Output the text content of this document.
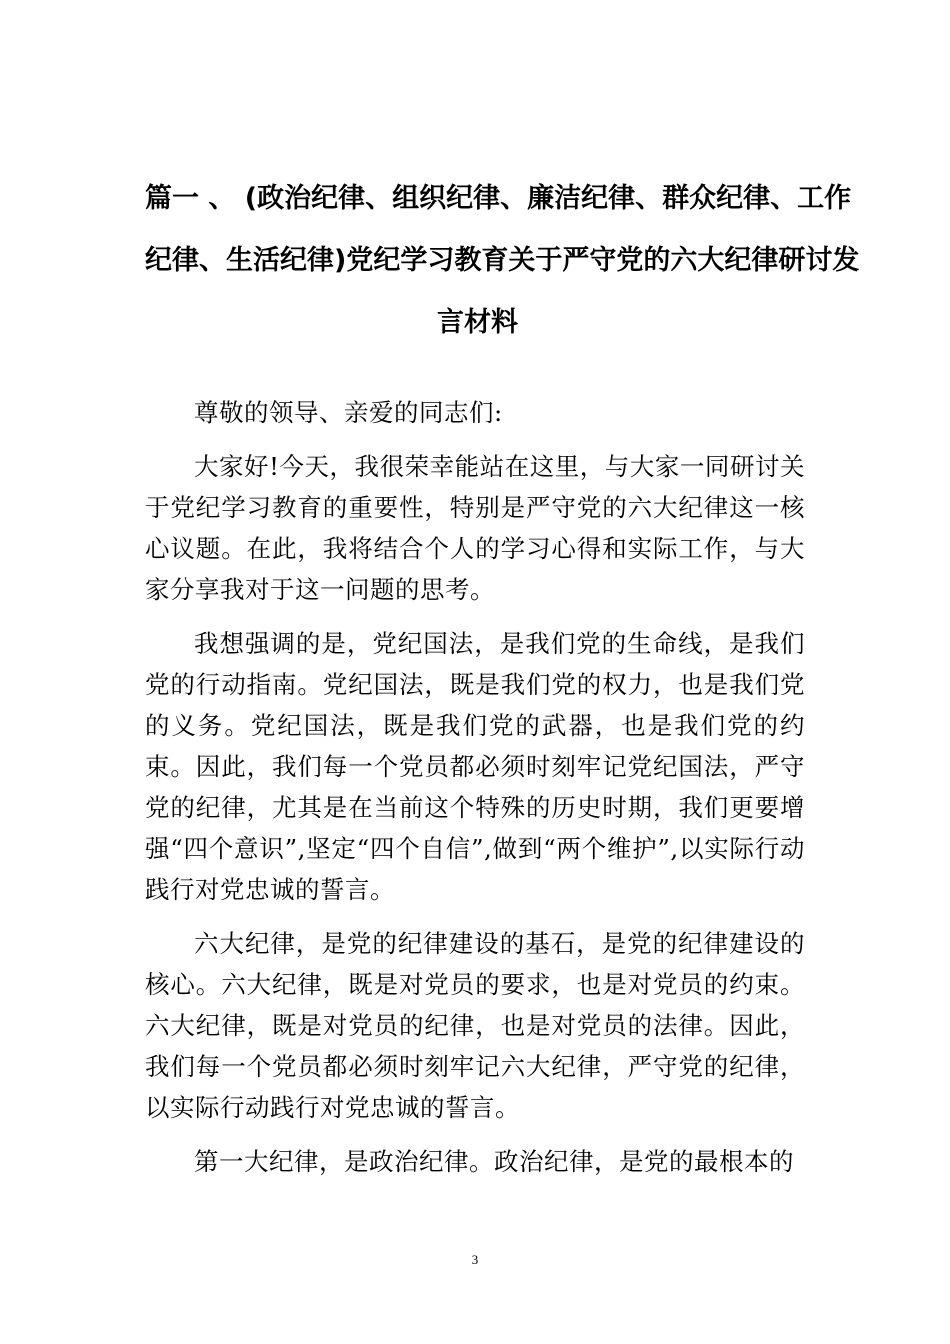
篇一 、 (政治纪律、组织纪律、廉洁纪律、群众纪律、工作
纪律、生活纪律)党纪学习教育关于严守党的六大纪律研讨发
言材料

尊敬的领导、亲爱的同志们:

大家好!今天，我很荣幸能站在这里，与大家一同研讨关于党纪学习教育的重要性，特别是严守党的六大纪律这一核心议题。在此，我将结合个人的学习心得和实际工作，与大家分享我对于这一问题的思考。

我想强调的是，党纪国法，是我们党的生命线，是我们党的行动指南。党纪国法，既是我们党的权力，也是我们党的义务。党纪国法，既是我们党的武器，也是我们党的约束。因此，我们每一个党员都必须时刻牢记党纪国法，严守党的纪律，尤其是在当前这个特殊的历史时期，我们更要增强“四个意识”,坚定“四个自信”,做到“两个维护”,以实际行动践行对党忠诚的誓言。

六大纪律，是党的纪律建设的基石，是党的纪律建设的核心。六大纪律，既是对党员的要求，也是对党员的约束。六大纪律，既是对党员的纪律，也是对党员的法律。因此，我们每一个党员都必须时刻牢记六大纪律，严守党的纪律，以实际行动践行对党忠诚的誓言。

第一大纪律，是政治纪律。政治纪律，是党的最根本的

3
